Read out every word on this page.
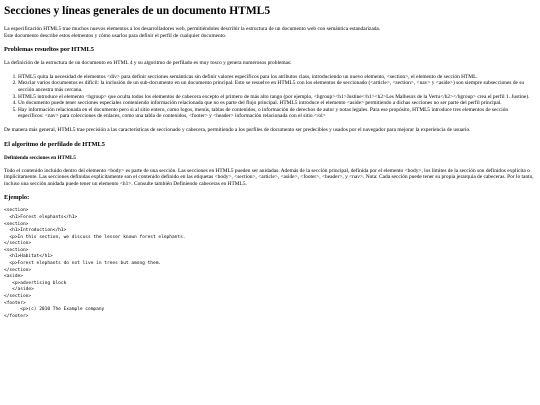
Secciones y líneas generales de un documento HTML5

La especificación HTML5 trae muchos nuevos elementos a los desarrolladores web, permitiéndoles describir la estructura de un documento web con semántica estandarizada.
Este documento describe estos elementos y cómo usarlos para definir el perfil de cualquier documento.

Problemas resueltos por HTML5

La definición de la estructura de un documento en HTML 4 y su algoritmo de perfilado es muy tosco y genera numerosos problemas:

1. HTML5 quita la necesidad de elementos <div> para definir secciones semánticas sin definir valores específicos para los atributos class, introduciendo un nuevo elemento, <section>, el elemento de sección HTML.
2. Mezclar varios documentos es difícil: la inclusión de un sub-documento en un documento principal. Esto se resuelve en HTML5 con los elementos de seccionado (<article>, <section>, <nav> y <aside>) son siempre subsecciones de su sección ancestra más cercana.
3. HTML5 introduce el elemento <hgroup> que oculta todos los elementos de cabecera excepto el primero de más alto rango (por ejemplo, <hgroup><h1>Justine</h1><h2>Les Malheurs de la Vertu</h2></hgroup> crea el perfil 1. Justine).
4. Un documento puede tener secciones especiales conteniendo información relacionada que no es parte del flujo principal. HTML5 introduce el elemento <aside> permitiendo a dichas secciones no ser parte del perfil principal.
5. Hay información relacionada en el documento pero si al sitio entero, como logos, menús, tablas de contenidos, o información de derechos de autor y notas legales. Para ese propósito, HTML5 introduce tres elementos de sección específicos: <nav> para colecciones de enlaces, como una tabla de contenidos, <footer> y <header> información relacionada con el sitio.</ol>

De manera más general, HTML5 trae precisión a las características de seccionado y cabecera, permitiendo a los perfiles de documento ser predecibles y usados por el navegador para mejorar la experiencia de usuario.

El algoritmo de perfilado de HTML5
Definiendo secciones en HTML5

Todo el contenido incluido dentro del elemento <body> es parte de una sección. Las secciones en HTML5 pueden ser anidadas. Además de la sección principal, definida por el elemento <body>, los límites de la sección son definidos explícita o implícitamente. Las secciones definidas explícitamente son el contenido definido en las etiquetas <body>, <section>, <article>, <aside>, <footer>, <header>, y <nav>. Nota: Cada sección puede tener su propia jerarquía de cabeceras. Por lo tanto, incluso una sección anidada puede tener un elemento <h1>. Consulte también Definiendo cabeceras en HTML5.

Ejemplo:
<section>
<h1>Forest elephants</h1>
<section>
<h1>Introduction</h1>
<p>In this section, we discuss the lesser known forest elephants.
</section>
<section>
<h1>Habitat</h1>
<p>Forest elephants do not live in trees but among them.
</section>
<aside>
<p>advertising block
</aside>
</section>
<footer>
<p>(c) 2010 The Example company
</footer>
